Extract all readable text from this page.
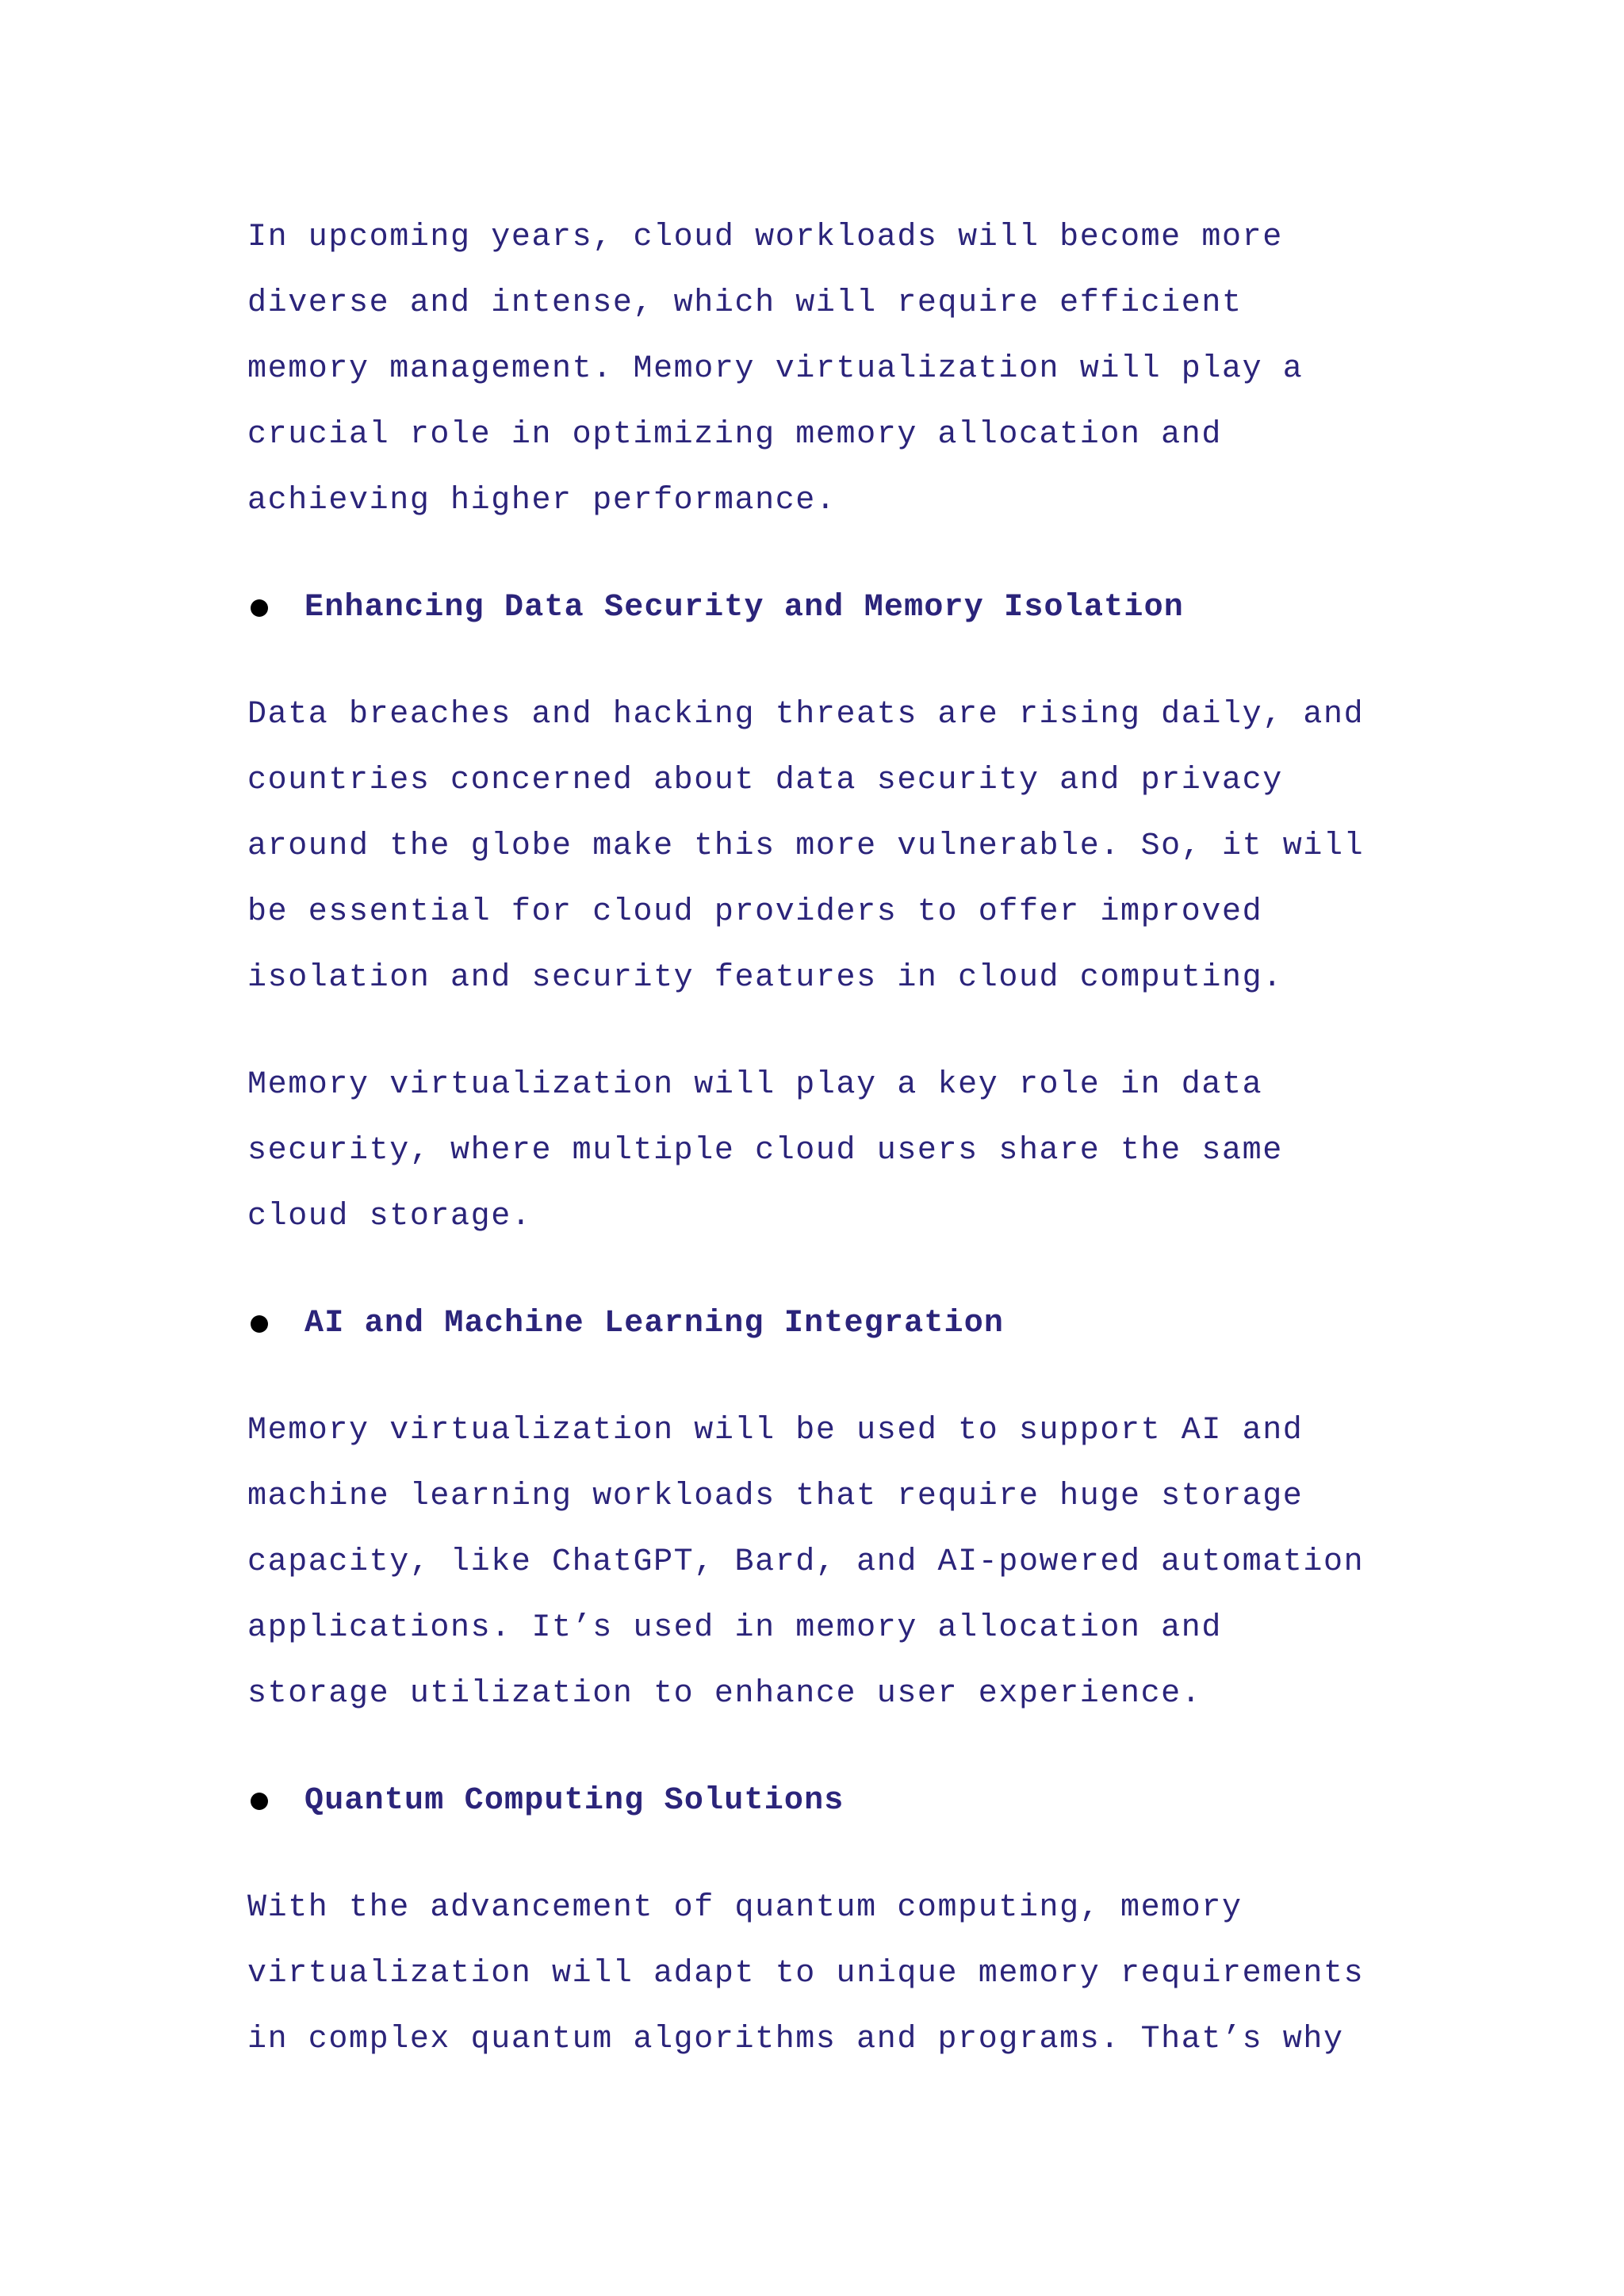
In upcoming years, cloud workloads will become more
diverse and intense, which will require efficient
memory management. Memory virtualization will play a
crucial role in optimizing memory allocation and
achieving higher performance.

Enhancing Data Security and Memory Isolation

Data breaches and hacking threats are rising daily, and
countries concerned about data security and privacy
around the globe make this more vulnerable. So, it will
be essential for cloud providers to offer improved
isolation and security features in cloud computing.

Memory virtualization will play a key role in data
security, where multiple cloud users share the same
cloud storage.

AI and Machine Learning Integration

Memory virtualization will be used to support AI and
machine learning workloads that require huge storage
capacity, like ChatGPT, Bard, and AI-powered automation
applications. It’s used in memory allocation and
storage utilization to enhance user experience.

Quantum Computing Solutions

With the advancement of quantum computing, memory
virtualization will adapt to unique memory requirements
in complex quantum algorithms and programs. That’s why
